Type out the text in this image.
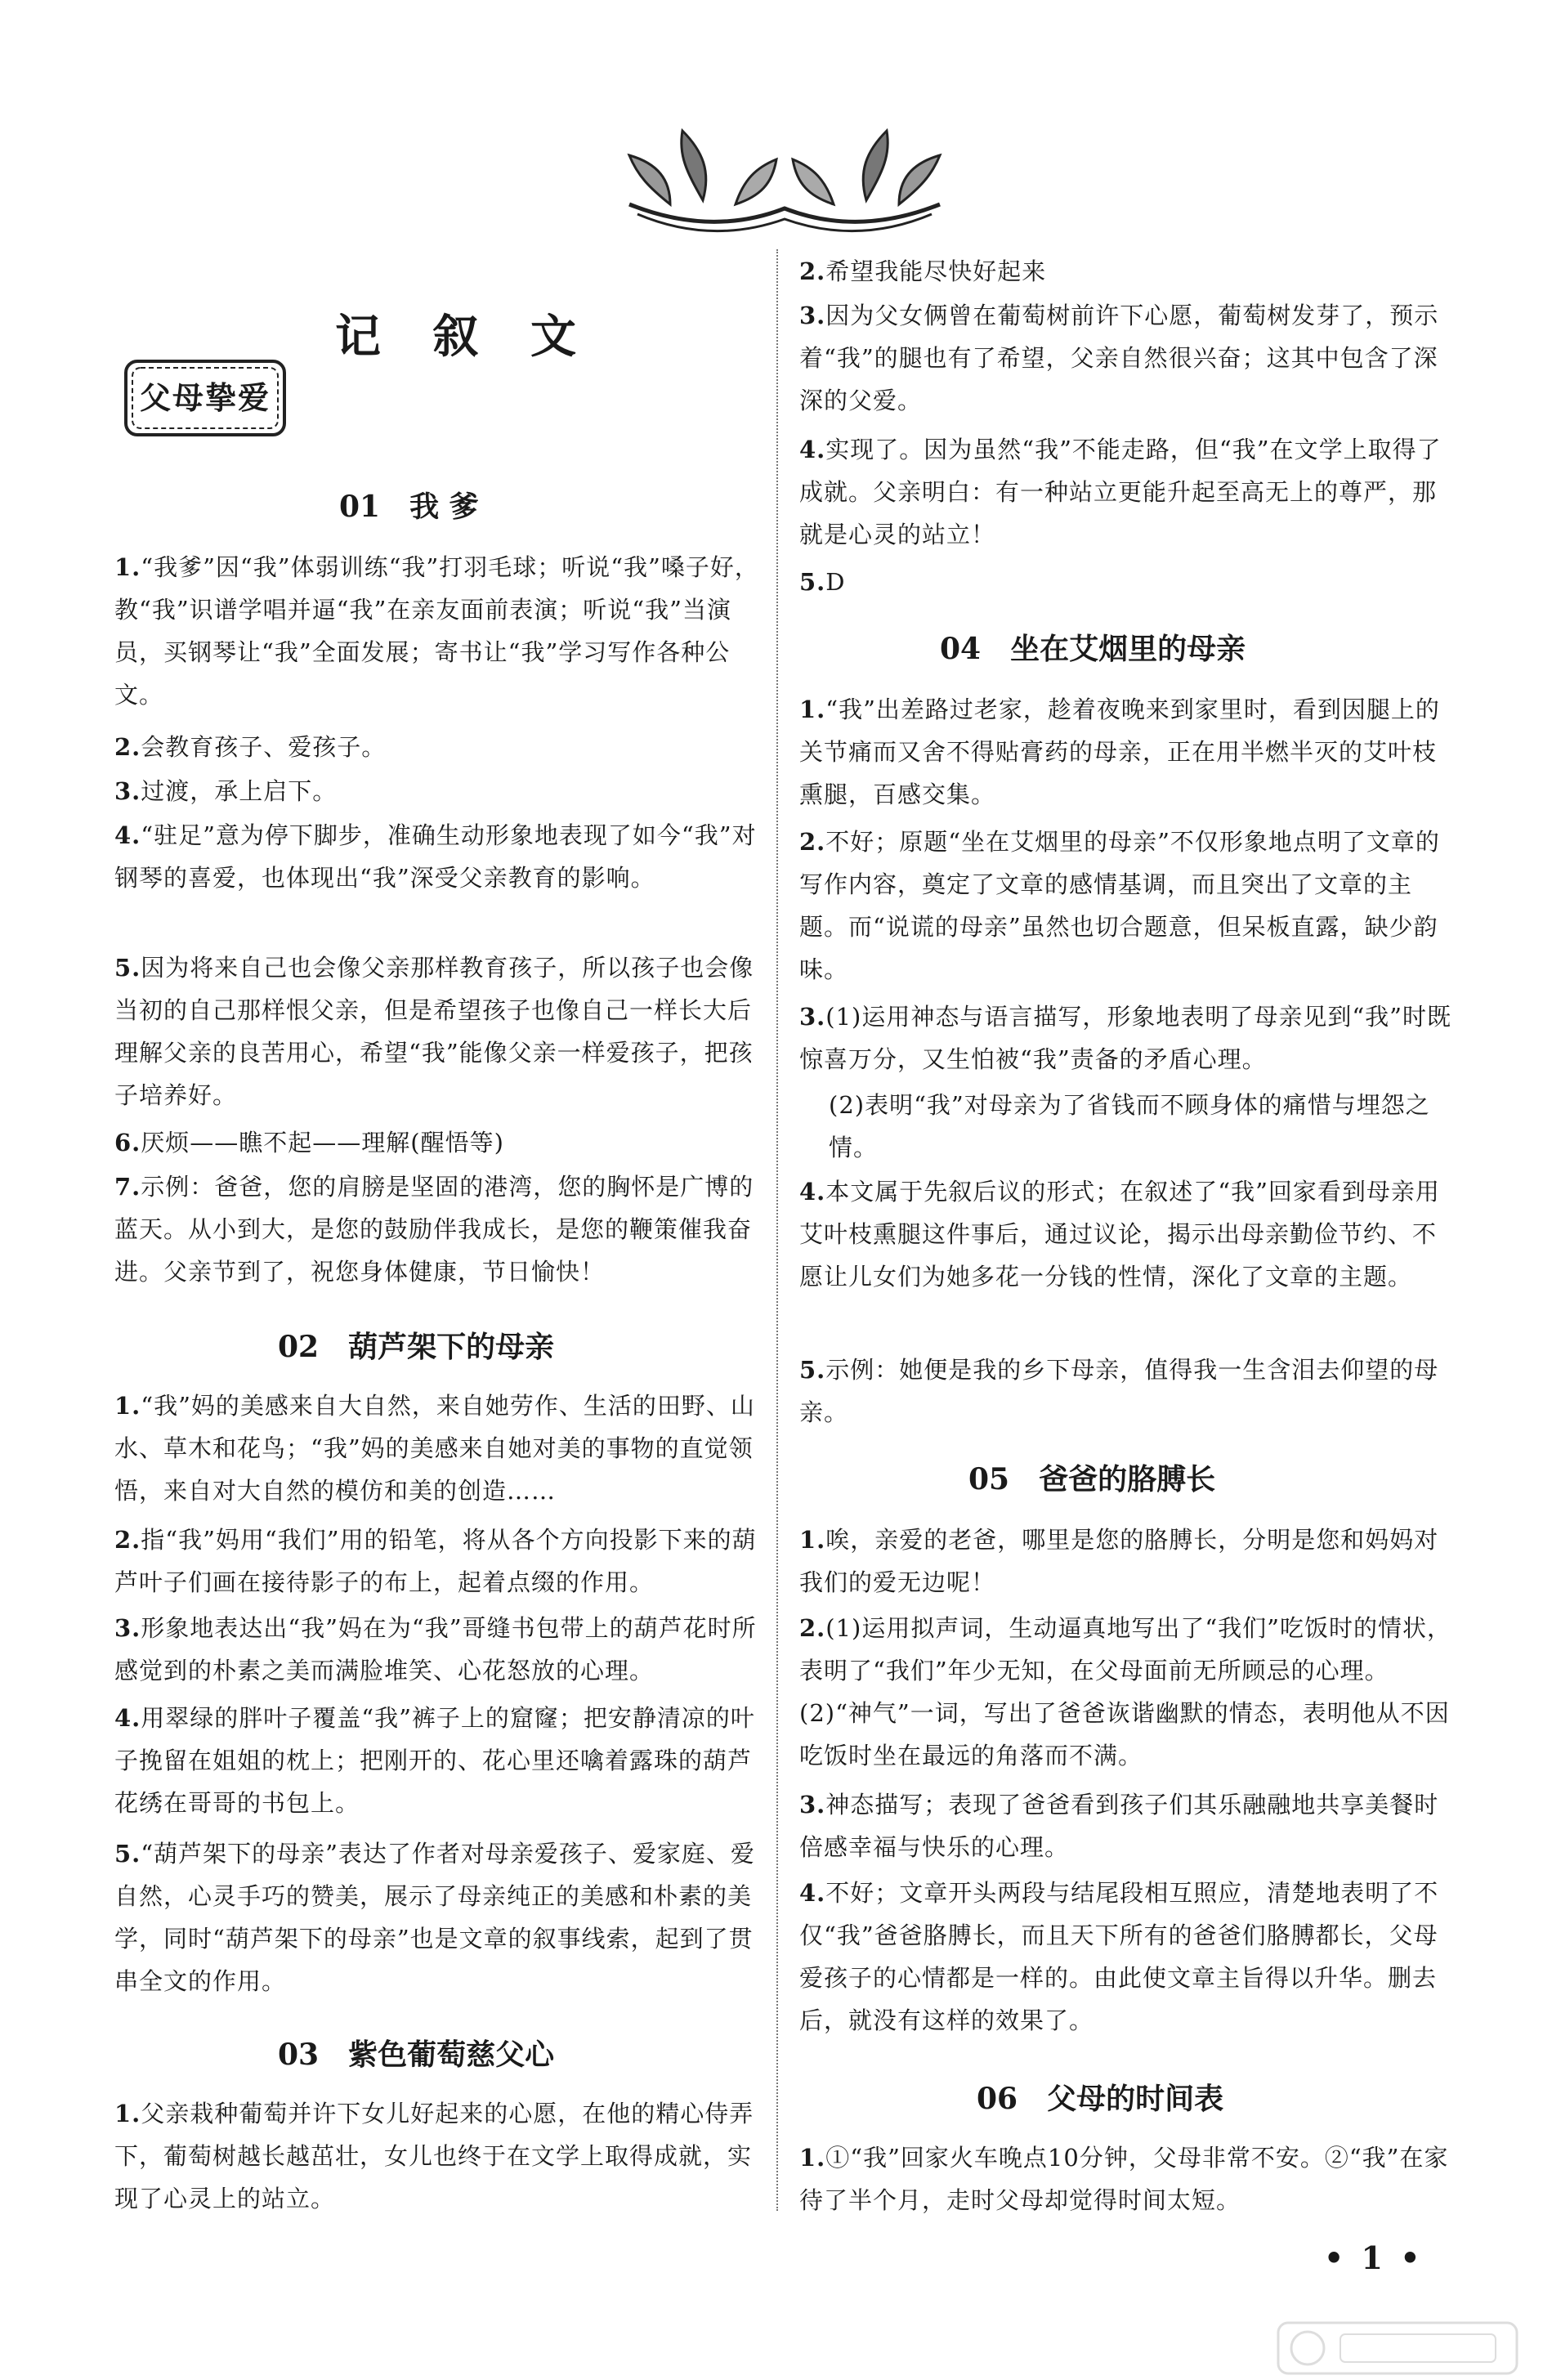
记 叙 文
父母挚爱
01 我 爹
1.“我爹”因“我”体弱训练“我”打羽毛球；听说“我”嗓子好，教“我”识谱学唱并逼“我”在亲友面前表演；听说“我”当演员，买钢琴让“我”全面发展；寄书让“我”学习写作各种公文。
2.会教育孩子、爱孩子。
3.过渡，承上启下。
4.“驻足”意为停下脚步，准确生动形象地表现了如今“我”对钢琴的喜爱，也体现出“我”深受父亲教育的影响。
5.因为将来自己也会像父亲那样教育孩子，所以孩子也会像当初的自己那样恨父亲，但是希望孩子也像自己一样长大后理解父亲的良苦用心，希望“我”能像父亲一样爱孩子，把孩子培养好。
6.厌烦——瞧不起——理解(醒悟等)
7.示例：爸爸，您的肩膀是坚固的港湾，您的胸怀是广博的蓝天。从小到大，是您的鼓励伴我成长，是您的鞭策催我奋进。父亲节到了，祝您身体健康，节日愉快！
02 葫芦架下的母亲
1.“我”妈的美感来自大自然，来自她劳作、生活的田野、山水、草木和花鸟；“我”妈的美感来自她对美的事物的直觉领悟，来自对大自然的模仿和美的创造……
2.指“我”妈用“我们”用的铅笔，将从各个方向投影下来的葫芦叶子们画在接待影子的布上，起着点缀的作用。
3.形象地表达出“我”妈在为“我”哥缝书包带上的葫芦花时所感觉到的朴素之美而满脸堆笑、心花怒放的心理。
4.用翠绿的胖叶子覆盖“我”裤子上的窟窿；把安静清凉的叶子挽留在姐姐的枕上；把刚开的、花心里还噙着露珠的葫芦花绣在哥哥的书包上。
5.“葫芦架下的母亲”表达了作者对母亲爱孩子、爱家庭、爱自然，心灵手巧的赞美，展示了母亲纯正的美感和朴素的美学，同时“葫芦架下的母亲”也是文章的叙事线索，起到了贯串全文的作用。
03 紫色葡萄慈父心
1.父亲栽种葡萄并许下女儿好起来的心愿，在他的精心侍弄下，葡萄树越长越茁壮，女儿也终于在文学上取得成就，实现了心灵上的站立。
2.希望我能尽快好起来
3.因为父女俩曾在葡萄树前许下心愿，葡萄树发芽了，预示着“我”的腿也有了希望，父亲自然很兴奋；这其中包含了深深的父爱。
4.实现了。因为虽然“我”不能走路，但“我”在文学上取得了成就。父亲明白：有一种站立更能升起至高无上的尊严，那就是心灵的站立！
5.D
04 坐在艾烟里的母亲
1.“我”出差路过老家，趁着夜晚来到家里时，看到因腿上的关节痛而又舍不得贴膏药的母亲，正在用半燃半灭的艾叶枝熏腿，百感交集。
2.不好；原题“坐在艾烟里的母亲”不仅形象地点明了文章的写作内容，奠定了文章的感情基调，而且突出了文章的主题。而“说谎的母亲”虽然也切合题意，但呆板直露，缺少韵味。
3.(1)运用神态与语言描写，形象地表明了母亲见到“我”时既惊喜万分，又生怕被“我”责备的矛盾心理。
(2)表明“我”对母亲为了省钱而不顾身体的痛惜与埋怨之情。
4.本文属于先叙后议的形式；在叙述了“我”回家看到母亲用艾叶枝熏腿这件事后，通过议论，揭示出母亲勤俭节约、不愿让儿女们为她多花一分钱的性情，深化了文章的主题。
5.示例：她便是我的乡下母亲，值得我一生含泪去仰望的母亲。
05 爸爸的胳膊长
1.唉，亲爱的老爸，哪里是您的胳膊长，分明是您和妈妈对我们的爱无边呢！
2.(1)运用拟声词，生动逼真地写出了“我们”吃饭时的情状，表明了“我们”年少无知，在父母面前无所顾忌的心理。 (2)“神气”一词，写出了爸爸诙谐幽默的情态，表明他从不因吃饭时坐在最远的角落而不满。
3.神态描写；表现了爸爸看到孩子们其乐融融地共享美餐时倍感幸福与快乐的心理。
4.不好；文章开头两段与结尾段相互照应，清楚地表明了不仅“我”爸爸胳膊长，而且天下所有的爸爸们胳膊都长，父母爱孩子的心情都是一样的。由此使文章主旨得以升华。删去后，就没有这样的效果了。
06 父母的时间表
1.①“我”回家火车晚点10分钟，父母非常不安。②“我”在家待了半个月，走时父母却觉得时间太短。
• 1 •
